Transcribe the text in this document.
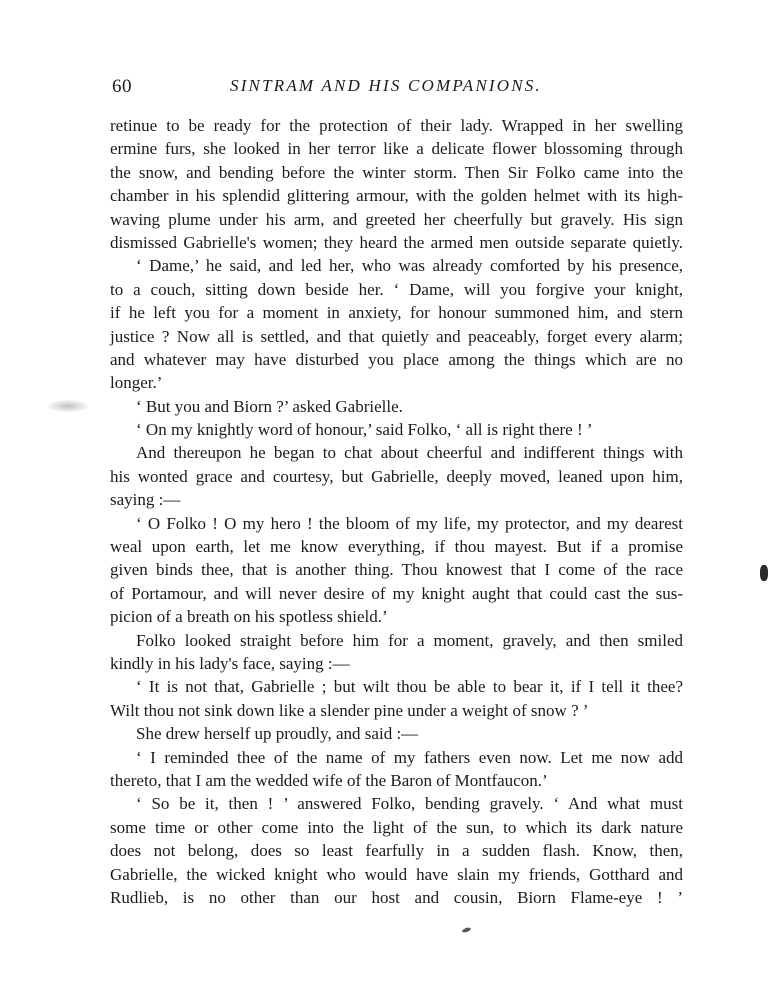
60	SINTRAM AND HIS COMPANIONS.
retinue to be ready for the protection of their lady. Wrapped in her swelling
ermine furs, she looked in her terror like a delicate flower blossoming through
the snow, and bending before the winter storm. Then Sir Folko came into the
chamber in his splendid glittering armour, with the golden helmet with its high-
waving plume under his arm, and greeted her cheerfully but gravely. His sign
dismissed Gabrielle's women; they heard the armed men outside separate quietly.
‘ Dame,’ he said, and led her, who was already comforted by his presence,
to a couch, sitting down beside her. ‘ Dame, will you forgive your knight,
if he left you for a moment in anxiety, for honour summoned him, and stern
justice ? Now all is settled, and that quietly and peaceably, forget every alarm;
and whatever may have disturbed you place among the things which are no
longer.’
‘ But you and Biorn ?’ asked Gabrielle.
‘ On my knightly word of honour,’ said Folko, ‘ all is right there ! ’
And thereupon he began to chat about cheerful and indifferent things with
his wonted grace and courtesy, but Gabrielle, deeply moved, leaned upon him,
saying :—
‘ O Folko ! O my hero ! the bloom of my life, my protector, and my dearest
weal upon earth, let me know everything, if thou mayest. But if a promise
given binds thee, that is another thing. Thou knowest that I come of the race
of Portamour, and will never desire of my knight aught that could cast the sus-
picion of a breath on his spotless shield.’
Folko looked straight before him for a moment, gravely, and then smiled
kindly in his lady's face, saying :—
‘ It is not that, Gabrielle ; but wilt thou be able to bear it, if I tell it thee?
Wilt thou not sink down like a slender pine under a weight of snow ? ’
She drew herself up proudly, and said :—
‘ I reminded thee of the name of my fathers even now. Let me now add
thereto, that I am the wedded wife of the Baron of Montfaucon.’
‘ So be it, then ! ’ answered Folko, bending gravely. ‘ And what must
some time or other come into the light of the sun, to which its dark nature
does not belong, does so least fearfully in a sudden flash. Know, then,
Gabrielle, the wicked knight who would have slain my friends, Gotthard and
Rudlieb, is no other than our host and cousin, Biorn Flame-eye ! ’
